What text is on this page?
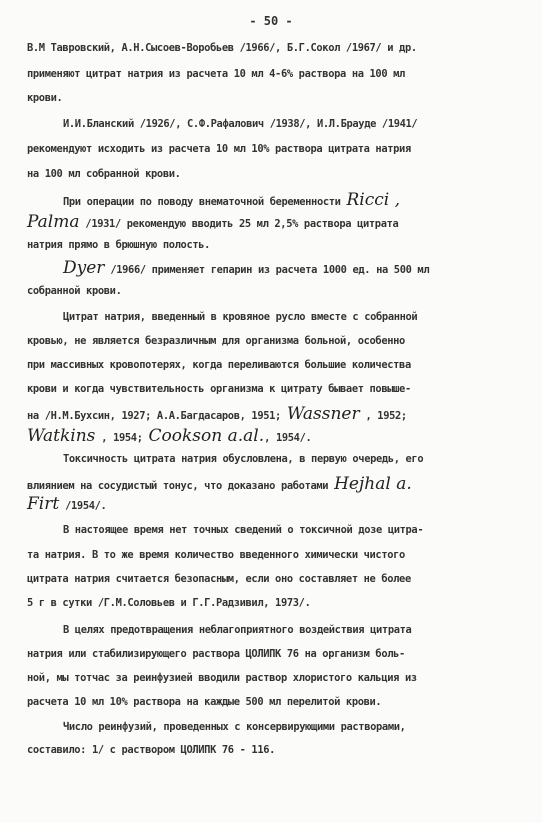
- 50 -
В.М Тавровский, А.Н.Сысоев-Воробьев /1966/, Б.Г.Сокол /1967/ и др.
применяют цитрат натрия из расчета 10 мл 4-6% раствора на 100 мл
крови.
И.И.Бланский /1926/, С.Ф.Рафалович /1938/, И.Л.Брауде /1941/
рекомендуют исходить из расчета 10 мл 10% раствора цитрата натрия
на 100 мл собранной крови.
При операции по поводу внематочной беременности Ricci ,
Palma /1931/ рекомендую вводить 25 мл 2,5% раствора цитрата
натрия прямо в брюшную полость.
Dyer /1966/ применяет гепарин из расчета 1000 ед. на 500 мл
собранной крови.
Цитрат натрия, введенный в кровяное русло вместе с собранной
кровью, не является безразличным для организма больной, особенно
при массивных кровопотерях, когда переливаются большие количества
крови и когда чувствительность организма к цитрату бывает повыше-
на /Н.М.Бухсин, 1927; А.А.Багдасаров, 1951; Wassner , 1952;
Watkins , 1954; Cookson a.al., 1954/.
Токсичность цитрата натрия обусловлена, в первую очередь, его
влиянием на сосудистый тонус, что доказано работами Hejhal a.
Firt /1954/.
В настоящее время нет точных сведений о токсичной дозе цитра-
та натрия. В то же время количество введенного химически чистого
цитрата натрия считается безопасным, если оно составляет не более
5 г в сутки /Г.М.Соловьев и Г.Г.Радзивил, 1973/.
В целях предотвращения неблагоприятного воздействия цитрата
натрия или стабилизирующего раствора ЦОЛИПК 76 на организм боль-
ной, мы тотчас за реинфузией вводили раствор хлористого кальция из
расчета 10 мл 10% раствора на каждые 500 мл перелитой крови.
Число реинфузий, проведенных с консервирующими растворами,
составило: 1/ с раствором ЦОЛИПК 76 - 116.
